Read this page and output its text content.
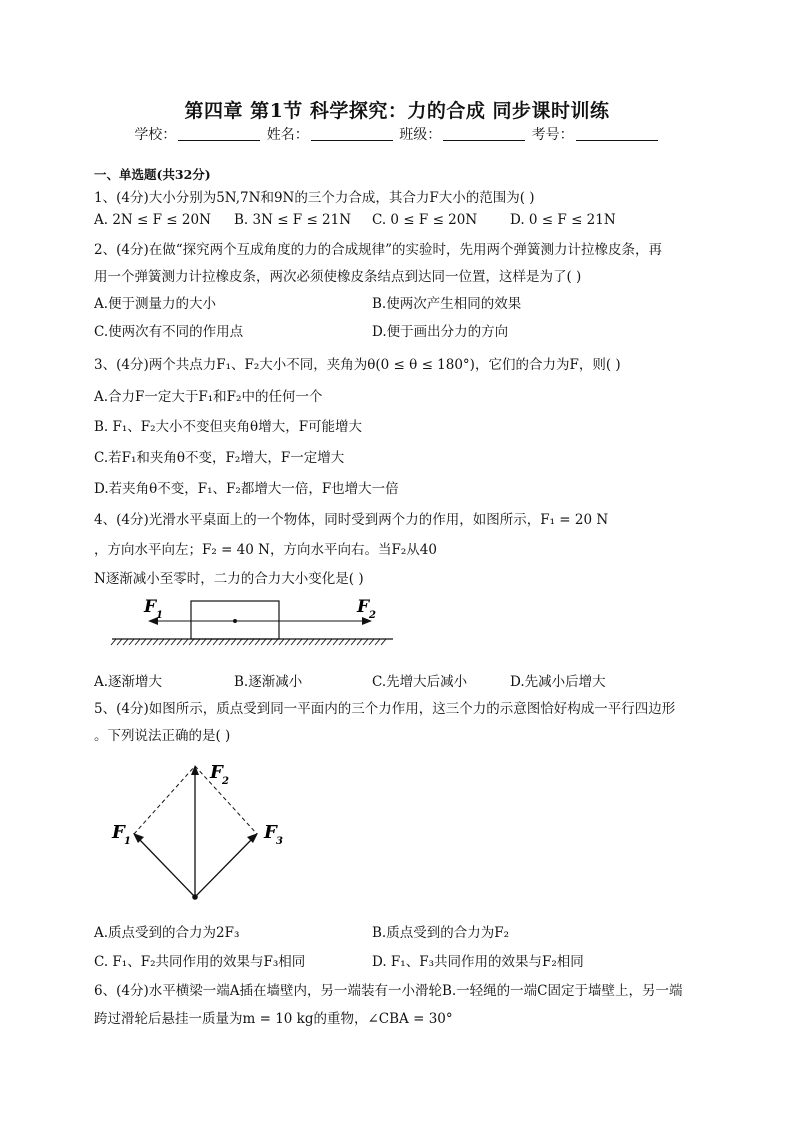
第四章 第1节 科学探究：力的合成 同步课时训练
学校：	姓名：	班级：	考号：
一、单选题(共32分)
1、(4分)大小分别为5N,7N和9N的三个力合成，其合力F大小的范围为( )
A. 2N ≤ F ≤ 20N B. 3N ≤ F ≤ 21N C. 0 ≤ F ≤ 20N D. 0 ≤ F ≤ 21N
2、(4分)在做“探究两个互成角度的力的合成规律”的实验时，先用两个弹簧测力计拉橡皮条，再
用一个弹簧测力计拉橡皮条，两次必须使橡皮条结点到达同一位置，这样是为了( )
A.便于测量力的大小	B.使两次产生相同的效果
C.使两次有不同的作用点	D.便于画出分力的方向
3、(4分)两个共点力F₁、F₂大小不同，夹角为θ(0 ≤ θ ≤ 180°)，它们的合力为F，则( )
A.合力F一定大于F₁和F₂中的任何一个
B. F₁、F₂大小不变但夹角θ增大，F可能增大
C.若F₁和夹角θ不变，F₂增大，F一定增大
D.若夹角θ不变，F₁、F₂都增大一倍，F也增大一倍
4、(4分)光滑水平桌面上的一个物体，同时受到两个力的作用，如图所示，F₁ = 20 N
，方向水平向左；F₂ = 40 N，方向水平向右。当F₂从40
N逐渐减小至零时，二力的合力大小变化是( )
F 1	F 2
A.逐渐增大	B.逐渐减小	C.先增大后减小	D.先减小后增大
5、(4分)如图所示，质点受到同一平面内的三个力作用，这三个力的示意图恰好构成一平行四边形
。下列说法正确的是( )
F 2
F 1	F 3
A.质点受到的合力为2F₃	B.质点受到的合力为F₂
C. F₁、F₂共同作用的效果与F₃相同	D. F₁、F₃共同作用的效果与F₂相同
6、(4分)水平横梁一端A插在墙壁内，另一端装有一小滑轮B.一轻绳的一端C固定于墙壁上，另一端
跨过滑轮后悬挂一质量为m = 10 kg的重物，∠CBA = 30°
